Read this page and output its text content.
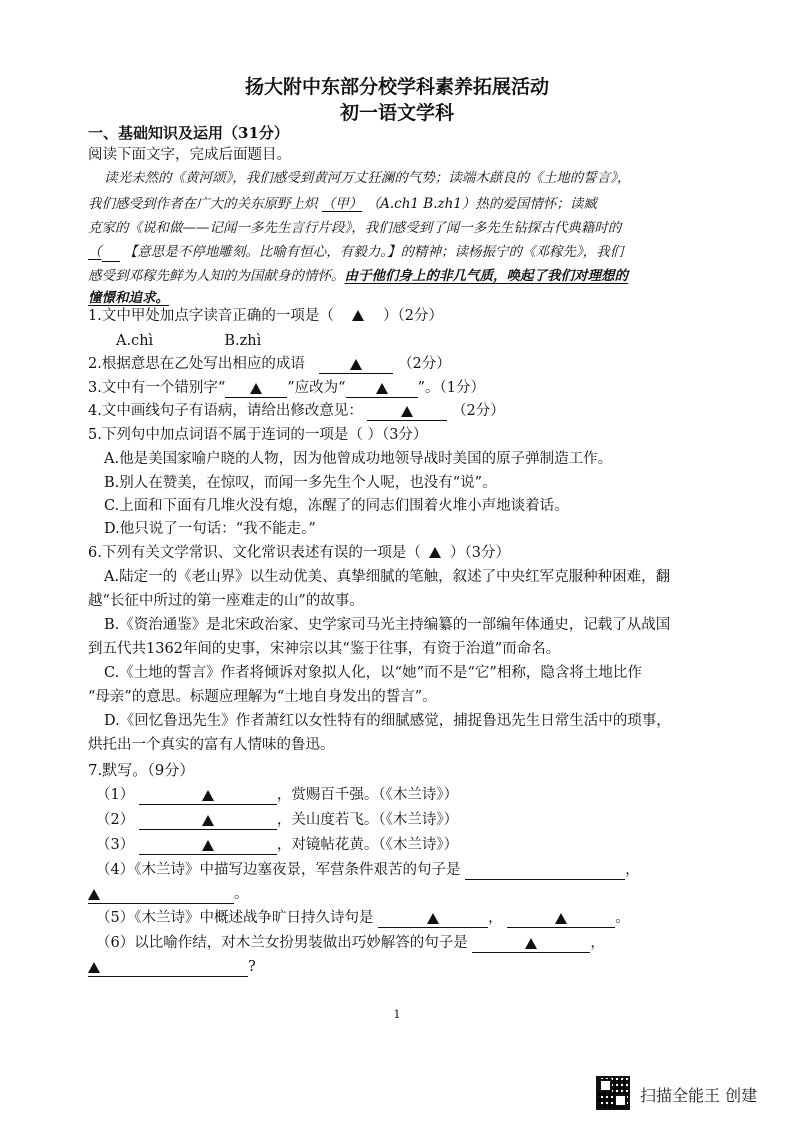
扬大附中东部分校学科素养拓展活动
初一语文学科
一、基础知识及运用（31分）
阅读下面文字，完成后面题目。
读光未然的《黄河颂》，我们感受到黄河万丈狂澜的气势；读端木蕻良的《土地的誓言》，
我们感受到作者在广大的关东原野上炽 （甲） （A.ch1 B.zh1）热的爱国情怀；读臧
克家的《说和做——记闻一多先生言行片段》，我们感受到了闻一多先生钻探古代典籍时的
（ 【意思是不停地雕刻。比喻有恒心，有毅力。】的精神；读杨振宁的《邓稼先》，我们
感受到邓稼先鲜为人知的为国献身的情怀。由于他们身上的非几气质，唤起了我们对理想的
憧憬和追求。
1.文中甲处加点字读音正确的一项是（	）（2分）
A.chì	B.zhì
2.根据意思在乙处写出相应的成语	（2分）
3.文中有一个错别字“	”应改为“	”。（1分）
4.文中画线句子有语病，请给出修改意见：	（2分）
5.下列句中加点词语不属于连词的一项是（ ）（3分）
A.他是美国家喻户晓的人物，因为他曾成功地领导战时美国的原子弹制造工作。
B.别人在赞美，在惊叹，而闻一多先生个人呢，也没有“说”。
C.上面和下面有几堆火没有熄，冻醒了的同志们围着火堆小声地谈着话。
D.他只说了一句话：“我不能走。”
6.下列有关文学常识、文化常识表述有误的一项是（ ）（3分）
A.陆定一的《老山界》以生动优美、真挚细腻的笔触，叙述了中央红军克服种种困难，翻
越“长征中所过的第一座难走的山”的故事。
B.《资治通鉴》是北宋政治家、史学家司马光主持编纂的一部编年体通史，记载了从战国
到五代共1362年间的史事，宋神宗以其“鉴于往事，有资于治道”而命名。
C.《土地的誓言》作者将倾诉对象拟人化，以“她”而不是“它”相称，隐含将土地比作
“母亲”的意思。标题应理解为“土地自身发出的誓言”。
D.《回忆鲁迅先生》作者萧红以女性特有的细腻感觉，捕捉鲁迅先生日常生活中的琐事，
烘托出一个真实的富有人情味的鲁迅。
7.默写。（9分）
（1）	，赏赐百千强。（《木兰诗》）
（2）	，关山度若飞。（《木兰诗》）
（3）	，对镜帖花黄。（《木兰诗》）
（4）《木兰诗》中描写边塞夜景，军营条件艰苦的句子是	，
。
（5）《木兰诗》中概述战争旷日持久诗句是	，	。
（6）以比喻作结，对木兰女扮男装做出巧妙解答的句子是	，
?
1
扫描全能王 创建
